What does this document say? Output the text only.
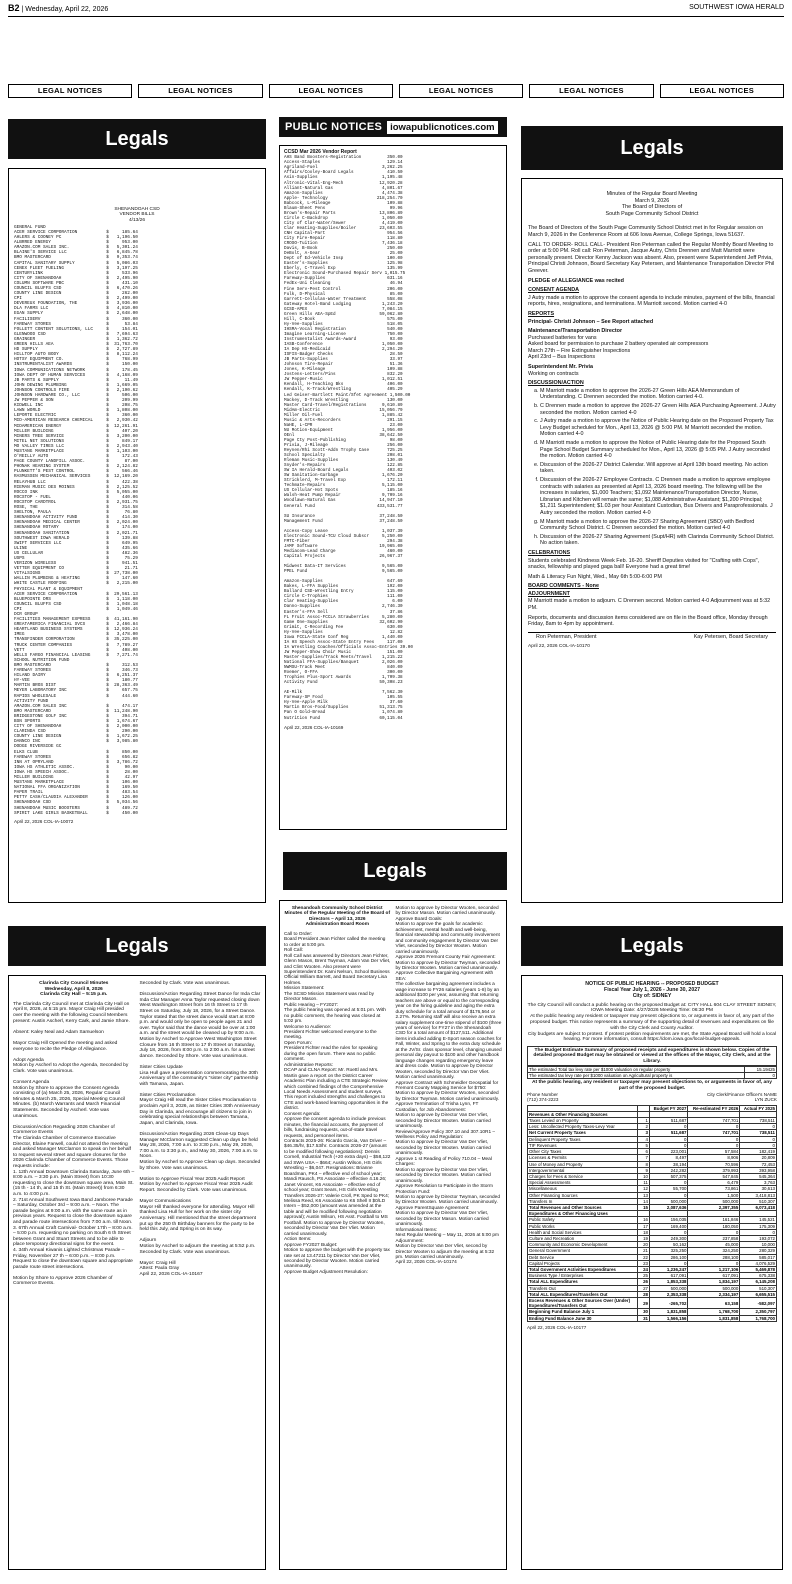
B2 | Wednesday, April 22, 2026	SOUTHWEST IOWA HERALD
LEGAL NOTICES	LEGAL NOTICES	LEGAL NOTICES	LEGAL NOTICES	LEGAL NOTICES	LEGAL NOTICES
Legals
SHENANDOAH CSD
VENDOR BILLS
4/13/26
GENERAL FUND
ACER SERVICE CORPORATION           $     185.64
AHLERS & COONEY PC                 $   1,196.50
ALBRRED ENERGY                     $     953.00
AMAZON.COM SALES INC.              $   5,301.24
BLAINE'S SERVICE LLC               $   6,845.78
BMO MASTERCARD                     $   9,353.74
CAPITAL SANITARY SUPPLY            $   5,086.03
CENEX FLEET FUELING                $   3,197.25
CENTURYLINK                        $     533.96
CITY OF SHENANDOAH                 $   2,495.90
COLUMN SOFTWARE PBC                $     431.10
COUNCIL BLUFFS CSD                 $   6,470.26
COUNTY LINE DESIGN                 $     262.00
CPI                                $   2,499.00
DEVEREUX FOUNDATION, THE           $   3,936.00
DLA FARMS LLC                      $   4,810.00
EGAN SUPPLY                        $   2,648.00
FACILISERV                         $     360.00
FAREWAY STORES                     $      53.84
FOLLETT CONTENT SOLUTIONS, LLC     $     154.01
GLENWOOD CSD                       $   7,694.63
GRAINGER                           $   1,362.72
GREEN HILLS AEA                    $  31,763.70
HD SUPPLY                          $   2,727.89
HILLTOP AUTO BODY                  $   8,112.24
HOTSY EQUIPMENT CO.                $     768.99
INSTRUMENTALIST AWARDS             $     150.00
IOWA COMMUNICATIONS NETWORK        $     178.45
IOWA DEPT OF HUMAN SERVICES        $   4,168.09
JB PARTS & SUPPLY                  $      11.49
JOHN DEWING PLUMBING               $   1,669.05
JOHNSON CONTROLS FIRE              $   2,190.62
JOHNSON HARDWARE CO., LLC          $     506.00
JW PEPPER & SON                    $     209.99
KIDWELL INC                        $     208.75
LAWN WORLD                         $   1,808.00
LEPORTE ELECTRIC                   $     360.00
MID-AMERICAN RESEARCH CHEMICAL     $   2,930.42
MIDAMERICAN ENERGY                 $  12,261.91
MILLER BUILDING                    $     407.20
MINERS TREE SERVICE                $   3,200.00
MITEL NET SOLUTIONS                $     849.17
MO VALLEY TIRES LLC                $   2,943.40
MUSTANG MARKETPLACE                $   1,103.00
O'REILLY AUTO                      $     172.43
PAGE COUNTY LANDFILL ASSOC.        $      87.00
PHONAK HEARING SYSTEM              $   2,124.82
PLUNKETT'S PEST CONTROL            $     566.46
RASMUSSEN MECHANICAL SERVICES      $  12,169.20
RELAYHUB LLC                       $     422.38
RIEMAN MUSIC DES MOINES            $   2,125.52
ROCCO INK                          $   5,055.00
ROCSTOP - FUEL                     $     440.06
ROCSTOP CARDTROL                   $   2,931.75
ROSE, THE                          $     314.58
SHELTON, PAULA                     $      76.80
SHENANDOAH ACTIVITY FUND           $     414.30
SHENANDOAH MEDICAL CENTER          $   2,024.00
SHENANDOAH ROTARY                  $     174.00
SHENANDOAH SANITATION              $   2,021.71
SOUTHWEST IOWA HERALD              $     139.88
SWIFT SERVICES LLC                 $     649.95
ULINE                              $     435.66
US CELLULAR                        $     482.36
USPS                               $      75.29
VERIZON WIRELESS                   $     941.51
VETTER EQUIPMENT CO                $      21.71
VITALSIGNS                         $  27,738.00
WALLIN PLUMBING & HEATING          $     147.60
WHITE CASTLE ROOFING               $   2,215.00
PHYSICAL PLANT & EQUIPMENT
ACER SERVICE CORPORATION           $  29,561.13
BLUEPOINTE DRS                     $   1,118.00
COUNCIL BLUFFS CSD                 $   1,048.18
CPI                                $   1,049.46
DCR GROUP
FACILITIES MANAGEMENT EXPRESS      $  41,161.90
GREATAMERICA FINANCIAL SVCS        $   2,466.84
HEARTLAND BUSINESS SYSTEMS         $  12,936.24
IMEG                               $   3,478.00
TRANSFINDER CORPORATION            $  35,225.00
TRUCK CENTER COMPANIES             $   7,789.27
VETT                               $     408.00
WELLS FARGO FINANCIAL LEASING      $   7,271.74
SCHOOL NUTRITION FUND
BMO MASTERCARD                     $     312.53
FAREWAY STORES                     $     346.73
HILAND DAIRY                       $   6,251.37
HY-VEE                             $     180.77
MARTIN BROS DIST                   $  28,363.49
MEYER LABORATORY INC               $     657.75
RAPIDS WHOLESALE                   $     444.60
ACTIVITY FUND
AMAZON.COM SALES INC               $     474.17
BMO MASTERCARD                     $  11,248.90
BRIDGESTONE GOLF INC               $     394.71
BSN SPORTS                         $   1,674.67
CITY OF SHENANDOAH                 $   2,000.00
CLARINDA CSD                       $     290.00
COUNTY LINE DESIGN                 $   1,672.25
DANNCO INC                         $   3,985.80
DODGE RIVERSIDE GC
ELKS CLUB                          $     850.00
FAREWAY STORES                     $     656.82
INN AT OPRYLAND                    $   3,786.72
IOWA HS ATHLETIC ASSOC.            $      90.00
IOWA HS SPEECH ASSOC.              $      28.00
MILLER BUILDING                    $      42.97
MUSTANG MARKETPLACE                $     106.00
NATIONAL FFA ORGANIZATION          $     169.50
PAPER TRAIL                        $     483.54
PETTY CASH/CLAUDIA ALEXANDER       $     126.00
SHENANDOAH CSD                     $   5,034.56
SHENANDOAH MUSIC BOOSTERS          $     489.72
SPIRIT LAKE GIRLS BASKETBALL       $     450.00
April 22, 2026 COL-IA-10072
PUBLIC NOTICES iowapublicnotices.com
CCSD Mar 2026 Vendor Report
AHS Band Boosters-Registration          350.00
Access-Staples                          129.14
Agriland-Fuel                         3,262.25
Affairs/Cooley-Board Legals             410.50
Asin-Supplies                         1,195.48
Altronic-Vital-Eng-Mech              12,920.28
Alliant-Natural Gas                   4,801.67
Amazon-Supplies                       4,474.38
Apple- Technology                   218,254.70
Babcock, L-Mileage                      109.88
Blaum-Sheet Pens                         99.96
Brown's-Repair Parts                 13,806.89
Circle C-Backdrop                     1,050.00
City of Clar-Water/Sewer              4,419.00
Clar Heating-Supplies/Boiler         23,603.55
CNH Capital-Part                        954.56
City Fire-Repair                        118.80
CROSO-Tuition                         7,436.18
Davis, B-Book                           250.00
DeBolt, A-Gear                           25.00
Dept of Ed-Vehicle Insp                 100.00
Easter's-Supplies                       125.98
Eberly, C-Travel Exp                    135.99
Electronic Sound-Purchased Repair Serv 1,015.75
Fareway-Supplies                        631.16
FedEx-Uni Cleaning                       46.94
Fine Serv-Pest Control                  206.00
Fulk, D-Physical                         85.00
Garrett-Cellulan-Water Treatment        558.08
Gateway Hotel-Band Lodging            1,243.20
GCSD-APEX                             7,084.15
Green Hills AEA-SpEd                 59,062.80
Hill, C-Book                            575.00
Hy-Vee-Supplies                         518.05
IHSMA-Vocal Registration                540.00
Imagine Learning-License                750.00
Instrumentalist Awards-Award             93.00
IASB-Conference                       1,050.00
IA Dep HS-Medicaid                    2,294.20
ISFIS-Badger Checks                      28.50
JB Parts-Supplies                        33.97
Johnson Tire-Repair                      51.36
Jones, K-Mileage                        109.88
Jostens-Letters/Pins                    832.20
JW Pepper-Music                       1,012.51
Kendall, H-Teaching Bks                 406.00
Kendall, K-Track/Wrestling              405.29
Led Geiser-Bartlett Paint/Sfet Agreement 1,500.00
Mackey, D-Track Wrestling               130.00
Master Card-Travel/Registrations      9,610.89
MidAm-Electric                       15,056.79
Miller Oil-Fuel                       1,885.42
Music & Arts-Recorders                  291.15
NaHE, L-CPR                              23.00
NU Motion-Equipment                   1,956.00
OEnl                                 38,642.50
Page Cty Post-Publishing                 98.00
Privia, J-Mileage                       256.00
Reynen/Rhi Scott-Addn Trophy Case       725.25
School Specialty                        208.01
Rleman Music-Supplies                   130.49
Snyder's-Repairs                        122.85
SW IA Herald-Board Legals               403.02
SW Sanitation-Garbage                 1,676.20
Stricklerd, M-Travel Exp                172.11
Techmate-Repairs                      5,115.00
US Cellular-Hot Spots                   185.16
Walsh-Heat Pump Repair                9,709.16
Woodlawn-Natural Gas                 14,947.10
General Fund                        433,531.77

SU Insurance                         37,248.50
Management Fund                      37,248.50

Access-Copy Lease                     1,037.39
Electronic Sound-TCU Cloud Subscr     5,250.00
FMTC-Fiber                              294.38
JAMF Software                        19,965.00
Mediacom-Lead Charge                    460.00
Capital Projects                     26,967.37

Midwest Data-IT Services              9,565.00
PPEL Fund                             9,565.00

Amazon-Supplies                         647.69
Bakes, L-FFA Supplies                   192.00
Ballard CSD-Wrestling Entry             115.00
Circle C-Trophies                       111.00
Clar Heating-Supplies                     6.00
Danno-Supplies                        2,746.30
Easter's-FFA Sell                        37.86
FL Fruit Assoc-FCCLA Strawberries     5,280.00
Game One-Supplies                    32,602.90
Grimit, C-Recording Fee                 630.00
Hy-Vee-Supplies                          12.82
Iowa FCCLA-State Conf Reg             1,440.00
IA HS Speech Assoc-State Entry Fees     117.00
IA Wrestling Coaches/Officials Assoc-Entries 39.00
JW Pepper-Show Choir Music              151.00
Master-Supplies/Track Meets/Travel    1,215.22
National FFA-Supplies/Banquet         2,026.00
NWMSU-Track Meet                        840.00
Roemer, O-FFA                           300.00
Trophies Plus-Sport Awards            1,709.38
Activity Fund                        50,308.23

AE-Milk                               7,562.30
Fareway-SP Food                         105.55
Hy-Vee-Apple Milk                        37.60
Martin Bros-Food/Supplies            51,313.75
Pan O Gold-Bread                      1,074.80
Nutrition Fund                       60,115.04
April 22, 2026 COL-IA-10169
Legals
Minutes of the Regular Board Meeting
March 9, 2026
The Board of Directors of
South Page Community School District

The Board of Directors of the South Page Community School District met in for Regular session on March 9, 2026 in the Conference Room at 606 Iowa Avenue, College Springs, Iowa 51637.

CALL TO ORDER- ROLL CALL- President Ron Peterman called the Regular Monthly Board Meeting to order at 5:00 PM. Roll call: Ron Peterman, Jacque Autry, Chris Drennen and Matt Marriott were personally present. Director Kenny Jackson was absent. Also, present were Superintendent Jeff Privia, Principal Christi Johnson, Board Secretary Kay Petersen, and Maintenance Transportation Director Phil Greever.

PLEDGE of ALLEGIANCE was recited

CONSENT AGENDA

J Autry made a motion to approve the consent agenda to include minutes, payment of the bills, financial reports, hires, resignations, and terminations. M Marriott second. Motion carried 4-0

REPORTS

Principal- Christi Johnson – See Report attached

Maintenance/Transportation Director

Purchased batteries for vans
Asked board for permission to purchase 2 battery operated air compressors
March 27th – Fire Extinguisher Inspections
April 23rd – Bus Inspections

Superintendent Mr. Privia

Working on contracts

DISCUSSION/ACTION
a. M Marriott made a motion to approve the 2026-27 Green Hills AEA Memorandum of Understanding. C Drennen seconded the motion. Motion carried 4-0.
b. C Drennen made a motion to approve the 2026-27 Green Hills AEA Purchasing Agreement. J Autry seconded the motion. Motion carried 4-0
c. J Autry made a motion to approve the Notice of Public Hearing date on the Proposed Property Tax Levy Budget scheduled for Mon., April 13, 2026 @ 5:00 PM. M Marriott seconded the motion. Motion carried 4-0
d. M Marriott made a motion to approve the Notice of Public Hearing date for the Proposed South Page School Budget Summary scheduled for Mon., April 13, 2026 @ 5:05 PM. J Autry seconded the motion. Motion carried 4-0
e. Discussion of the 2026-27 District Calendar. Will approve at April 13th board meeting. No action taken.
f. Discussion of the 2026-27 Employee Contracts. C Drennen made a motion to approve employee contracts with salaries as presented at April 13, 2026 board meeting. The following will be the increases in salaries, $1,000 Teachers; $1,092 Maintenance/Transportation Director, Nurse, Librarian and Kitchen will remain the same; $1,088 Administrative Assistant; $1,200 Principal; $1,211 Superintendent; $1.03 per hour Assistant Custodian, Bus Drivers and Paraprofessionals. J Autry seconded the motion. Motion carried 4-0
g. M Marriott made a motion to approve the 2026-27 Sharing Agreement (SBO) with Bedford Community School District. C Drennen seconded the motion. Motion carried 4-0
h. Discussion of the 2026-27 Sharing Agreement (Supt/HR) with Clarinda Community School District. No action taken.
CELEBRATIONS

Students celebrated Kindness Week Feb. 16-20. Sheriff Deputies visited for "Crafting with Cops", snacks, fellowship and played gaga ball! Everyone had a great time!

Math & Literacy Fun Night, Wed., May 6th 5:00-6:00 PM

BOARD COMMENTS - None

ADJOURNMENT

M Marriott made a motion to adjourn. C Drennen second. Motion carried 4-0 Adjournment was at 5:32 PM.

Reports, documents and discussion items considered are on file in the Board office, Monday through Friday, 8am to 4pm by appointment.

Ron Peterman, President	Kay Petersen, Board Secretary

April 22, 2026 COL-IA-10170

Legals
Legals
Clarinda City Council Minutes
Wednesday, April 8, 2026
Clarinda City Hall – 5:15 p.m.
The Clarinda City Council met at Clarinda City Hall on April 8, 2026, at 5:15 pm. Mayor Craig Hill presided over the meeting with the following Council Members present: Austin Ascherl, Kerry Cark, and Jamie Shore.

Absent: Kaley Neal and Adam Samuelson

Mayor Craig Hill Opened the meeting and asked everyone to recite the Pledge of Allegiance.

Adopt Agenda
Motion by Ascherl to Adopt the Agenda, Seconded by Clark. Vote was unanimous.

Consent Agenda
Motion by Shore to approve the Consent Agenda consisting of (a) March 25, 2026, Regular Council Minutes & March 25, 2026, Special Meeting Council Minutes. (b) March Warrants and March Financial Statements. Seconded by Ascherl. Vote was unanimous.

Discussion/Action Regarding 2026 Chamber of Commerce Events
The Clarinda Chamber of Commerce Executive Director, Elaine Farwell, could not attend the meeting and asked Manager McClarnon to speak on her behalf to request several street and square closures for the 2026 Clarinda Chamber of Commerce Events. Those requests include:
1. 12th Annual Downtown Clarinda Saturday, June 6th – 8:00 a.m. – 3:30 p.m. (Main Street) from 10:30 requesting to close the downtown square area, Main St. (15 th - 14 th, and 15 th St. (Main Street)) from 6:30 a.m. to 4:00 p.m.
2. 71st Annual Southwest Iowa Band Jamboree Parade – Saturday, October 3rd – 9:00 a.m. – Noon. The parade begins at 9:00 a.m. with the same route as in previous years. Request to close the downtown square and parade route intersections from 7:00 a.m. till Noon.
3. 67th Annual Craft Carnival- October 17th – 8:00 a.m. – 5:00 p.m. requesting no parking on South 6 th Street between Grant and Stuart Streets and to be able to place temporary directional signs for the event.
4. 34th Annual Kiwanis Lighted Christmas Parade – Friday, November 27 th – 6:00 p.m. – 8:00 p.m. Request to close the downtown square and appropriate parade route street intersections.

Motion by Shore to Approve 2026 Chamber of Commerce Events.
Seconded by Clark. Vote was unanimous.

Discussion/Action Regarding Street Dance for Inda Clar
Inda Clar Manager Anna Taylor requested closing down West Washington Street from 16 th Street to 17 th Street on Saturday, July 18, 2026, for a Street Dance. Taylor stated that the street dance would start at 8:00 p.m. and would only be open to people ages 21 and over. Taylor said that the dance would be over at 1:00 a.m. and the street would be cleaned up by 9:00 a.m. Motion by Ascherl to Approve West Washington Street Closure from 16 th Street to 17 th Street on Saturday, July 18, 2026, from 8:00 p.m. to 2:00 a.m. for a street dance. Seconded by Shore. Vote was unanimous.

Sister Cities Update
Lisa Hull gave a presentation commemorating the 30th Anniversary of the community's "sister city" partnership with Tamana, Japan.

Sister Cities Proclamation
Mayor Craig Hill read the Sister Cities Proclamation to proclaim April 3, 2026, as Sister Cities 30th Anniversary Day in Clarinda, and encourage all citizens to join in celebrating special relationships between Tamana, Japan, and Clarinda, Iowa.

Discussion/Action Regarding 2026 Clean-Up Days
Manager McClarnon suggested Clean up days be held May 28, 2026, 7:00 a.m. to 3:30 p.m., May 29, 2026, 7:00 a.m. to 3:30 p.m., and May 30, 2026, 7:00 a.m. to Noon.
Motion by Ascherl to Approve Clean up days. Seconded by Shore. Vote was unanimous.

Motion to Approve Fiscal Year 2025 Audit Report
Motion by Ascherl to Approve Fiscal Year 2025 Audit Report. Seconded by Clark. Vote was unanimous.

Mayor Communications
Mayor Hill thanked everyone for attending. Mayor Hill thanked Lisa Hull for her work on the sister city Anniversary. Hill mentioned that the street department put up the 250 th Birthday banners for the party to be held this July, and Spring is on its way.

Adjourn
Motion by Ascherl to adjourn the meeting at 5:52 p.m. Seconded by Clark. Vote was unanimous.

Mayor: Craig Hill
Attest: Paula Gray
April 22, 2026 COL-IA-10167
Shenandoah Community School District
Minutes of the Regular Meeting of the Board of Directors – April 13, 2026
Administration Board Room
Call to Order:
Board President Jean Fichter called the meeting to order at 5:00 pm.
Roll Call:
Roll Call was answered by Directors Jean Fichter, Glenn Mason, Brent Twyman, Adam Van Der Vliet, and Clint Wooten. Also present were Superintendent Dr. Kami Nelson, School Business Official William Barrett, and Board Secretary Lisa Holmes.
Mission Statement:
The SCSD Mission Statement was read by Director Mason.
Public Hearing – FY2027:
The public hearing was opened at 5:01 pm. With no public comment, the hearing was closed at 5:02 pm.
Welcome to Audience:
President Fichter welcomed everyone to the meeting.
Open Forum:
President Fichter read the rules for speaking during the open forum. There was no public comment.
Administrative Reports:
DCAP and CLNA Report: Mr. Roettl and Mrs. Martin gave a report on the District Career Academic Plan including a CTE Strategic Review which combined findings of the Comprehensive Local Needs Assessment and student surveys. This report included strengths and challenges to CTE and work-based learning opportunities in the district.
Consent Agenda:
Approve the consent agenda to include previous minutes, the financial accounts, the payment of bills, fundraising requests, out-of-state travel requests, and personnel items.
Contracts 2025-26: Ricardo Garcia, Van Driver – $46.35/hr, $17.53/hr. Contracts 2026-27 (amount to be modified following negotiations): Dennis Cornell, Industrial Tech (+20 extra days) – $58,122 and SWA USA – $664; Austin Wilson, HS Girls Wrestling – $6,047. Resignations: Brianne Boardman, PK4 – effective end of school year; Mandi Rausch, PS Associate – effective 4.16.26; Janet Vincent, K6 Associate – effective end of school year; Grant Sears, HS Girls Wrestling Transfers 2026-27: Valerie Croll, PK Sped to PK4; Melissa Reed, K6 Associate to K6 Shell II $0/LD Intern – $52,000 (amount was amended at the table and will be modified following negotiation approval); Austin Wilson, HS Asst. Football to MS Football. Motion to approve by Director Wooten, seconded by Director Van Der Vliet. Motion carried unanimously.
Action Items:
Approve FY2027 Budget:
Motion to approve the budget with the property tax rate set at 13.47211 by Director Van Der Vliet, seconded by Director Wooten. Motion carried unanimously.
Approve Budget Adjustment Resolution:
Motion to approve by Director Wooten, seconded by Director Mason. Motion carried unanimously.
Approve Board Goals:
Motion to approve the goals for academic achievement, mental health and well-being, financial stewardship and community involvement and community engagement by Director Van Der Vliet, seconded by Director Wooten. Motion carried unanimously.
Approve 2026 Fremont County Fair Agreement:
Motion to approve by Director Twyman, seconded by Director Wooten. Motion carried unanimously.
Approve Collective Bargaining Agreement with SEA:
The collective bargaining agreement includes a wage increase to FY26 salaries (years 1-8) by an additional $100 per year, assuming that returning teachers are above or equal to the corresponding year on the hiring guideline and aging the extra duty schedule for a total amount of $176,564 or 2.27%. Returning staff will also receive an extra salary supplement one-time stipend of $100 (three years of service) for FY27 in the Shenandoah CSD for a total amount of $127,511. Additional items included adding E-Sport season coaches for Fall, Winter, and Spring to the extra duty schedule at the JV/Sr. class sponsor level, changing unused personal day payout to $100 and other handbook language changes regarding emergency leave and dress code. Motion to approve by Director Wooten, seconded by Director Van Der Vliet. Motion carried unanimously.
Approve Contract with Schmeidler Geospatial for Fremont County Mapping Service for $750:
Motion to approve by Director Wooten, seconded by Director Twyman. Motion carried unanimously.
Approve Termination of Trisha Lynn, FT Custodian, for Job Abandonment:
Motion to approve by Director Van Der Vliet, seconded by Director Wooten. Motion carried unanimously.
Review/Approve Policy 307.10 and 307.10R1 – Wellness Policy and Regulation:
Motion to approve by Director Van Der Vliet, seconded by Director Wooten. Motion carried unanimously.
Approve 1 st Reading of Policy 710.04 – Meal Charges:
Motion to approve by Director Van Der Vliet, seconded by Director Wooten. Motion carried unanimously.
Approve Resolution to Participate in the Storm Protection Fund:
Motion to approve by Director Twyman, seconded by Director Wooten. Motion carried unanimously.
Approve ParentSquare Agreement:
Motion to approve by Director Van Der Vliet, seconded by Director Mason. Motion carried unanimously.
Informational Items:
Next Regular Meeting – May 11, 2026 at 5:00 pm
Adjournment:
Motion by Director Van Der Vliet, second by Director Wooten to adjourn the meeting at 5:32 pm. Motion carried unanimously.
April 22, 2026 COL-IA-10174
Legals
NOTICE OF PUBLIC HEARING -- PROPOSED BUDGET
Fiscal Year July 1, 2026 - June 30, 2027
City of: SIDNEY
The City Council will conduct a public hearing on the proposed Budget at: CITY HALL 604 CLAY STREET SIDNEY, IOWA Meeting Date: 4/27/2026 Meeting Time: 06:30 PM
At the public hearing any resident or taxpayer may present objections to, or arguments in favor of, any part of the proposed budget. This notice represents a summary of the supporting detail of revenues and expenditures on file with the City Clerk and County Auditor.
City budgets are subject to protest. If protest petition requirements are met, the State Appeal Board will hold a local hearing. For more information, consult https://dom.iowa.gov/local-budget-appeals.
The Budget Estimate Summary of proposed receipts and expenditures is shown below. Copies of the detailed proposed Budget may be obtained or viewed at the offices of the Mayor, City Clerk, and at the Library.
The estimated Total tax levy rate per $1000 valuation on regular property	15.19425
The estimated tax levy rate per $1000 valuation on Agricultural property is	0
At the public hearing, any resident or taxpayer may present objections to, or arguments in favor of, any part of the proposed budget.
Phone Number	City Clerk/Finance Officer's NAME
(712) 374-2223	LYN ZUCK
		Budget FY 2027	Re-estimated FY 2026	Actual FY 2025
Revenues & Other Financing Sources				
Taxes Levied on Property	1	511,687	747,701	738,511
Less: Uncollected Property Taxes-Levy Year	2	0	0	0
Net Current Property Taxes	3	511,687	747,701	738,511
Delinquent Property Taxes	4	0	0	0
TIF Revenues	5	0	0	0
Other City Taxes	6	223,001	57,584	182,419
Licenses & Permits	7	8,497	8,906	20,809
Use of Money and Property	8	38,194	70,596	72,453
Intergovernmental	9	242,282	379,993	393,958
Charges for Fees & Service	10	507,375	547,845	545,364
Special Assessments	11	0	6,479	3,763
Miscellaneous	12	55,700	73,861	30,613
Other Financing Sources	13	0	1,500	3,418,813
Transfers In	14	500,000	500,000	510,307
Total Revenues and Other Sources	15	2,087,636	2,397,355	6,073,418
Expenditures & Other Financing Uses				
Public Safety	16	156,035	161,846	145,521
Public Works	17	169,400	180,050	175,309
Health and Social Services	18	0	0	0
Culture and Recreation	19	249,300	237,858	193,072
Community and Economic Development	20	50,162	45,000	10,000
General Government	21	325,250	324,250	280,329
Debt Service	22	286,100	288,100	585,017
Capital Projects	23	0	0	4,076,529
Total Government Activities Expenditures	24	1,236,247	1,217,106	5,469,878
Business Type / Enterprises	25	617,091	617,091	675,338
Total ALL Expenditures	26	1,853,338	1,834,197	6,145,208
Transfers Out	27	500,000	500,000	510,307
Total ALL Expenditures/Transfers Out	28	2,353,338	2,334,197	6,655,515
Excess Revenues & Other Sources Over (Under) Expenditures/Transfers Out	29	-265,702	63,158	-582,097
Beginning Fund Balance July 1	30	1,831,858	1,768,700	2,350,797
Ending Fund Balance June 30	31	1,566,156	1,831,858	1,768,700
April 22, 2026 COL-IA-10177
